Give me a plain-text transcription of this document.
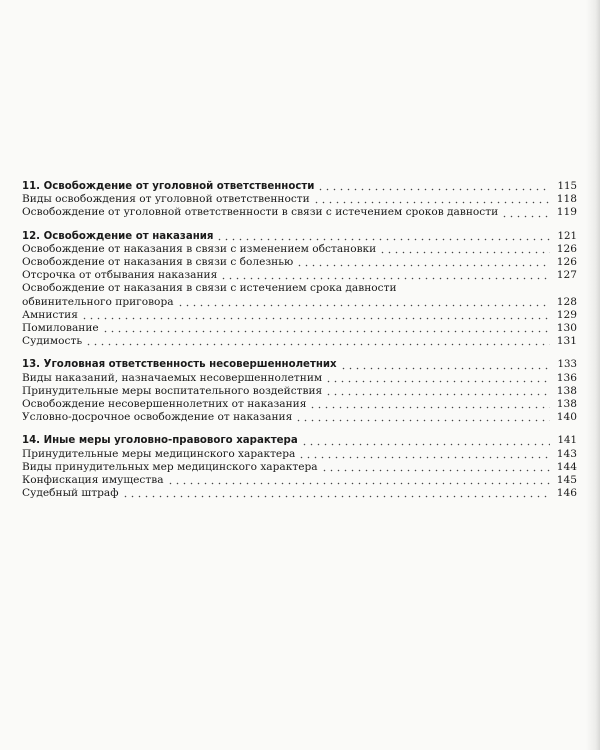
11. Освобождение от уголовной ответственности	115
Виды освобождения от уголовной ответственности	118
Освобождение от уголовной ответственности в связи с истечением сроков давности	119
12. Освобождение от наказания	121
Освобождение от наказания в связи с изменением обстановки	126
Освобождение от наказания в связи с болезнью	126
Отсрочка от отбывания наказания	127
Освобождение от наказания в связи с истечением срока давности
обвинительного приговора	128
Амнистия	129
Помилование	130
Судимость	131
13. Уголовная ответственность несовершеннолетних	133
Виды наказаний, назначаемых несовершеннолетним	136
Принудительные меры воспитательного воздействия	138
Освобождение несовершеннолетних от наказания	138
Условно-досрочное освобождение от наказания	140
14. Иные меры уголовно-правового характера	141
Принудительные меры медицинского характера	143
Виды принудительных мер медицинского характера	144
Конфискация имущества	145
Судебный штраф	146
